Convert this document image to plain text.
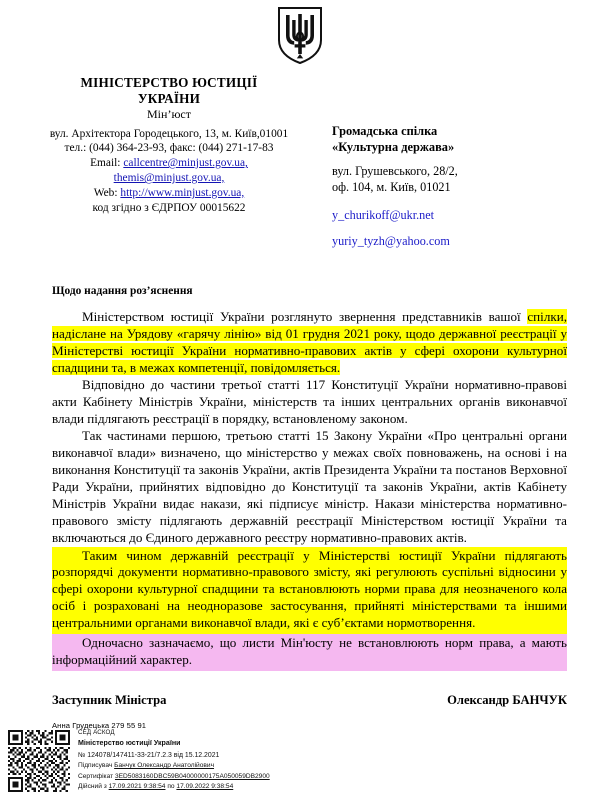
МІНІСТЕРСТВО ЮСТИЦІЇ
УКРАЇНИ
Мін’юст
вул. Архітектора Городецького, 13, м. Київ,01001
тел.: (044) 364-23-93, факс: (044) 271-17-83
Email: callcentre@minjust.gov.ua,
themis@minjust.gov.ua,
Web: http://www.minjust.gov.ua,
код згідно з ЄДРПОУ 00015622
Громадська спілка
«Культурна держава»
вул. Грушевського, 28/2,
оф. 104, м. Київ, 01021
y_churikoff@ukr.net
yuriy_tyzh@yahoo.com
Щодо надання роз’яснення

Міністерством юстиції України розглянуто звернення представників вашої спілки, надіслане на Урядову «гарячу лінію» від 01 грудня 2021 року, щодо державної реєстрації у Міністерстві юстиції України нормативно-правових актів у сфері охорони культурної спадщини та, в межах компетенції, повідомляється.

Відповідно до частини третьої статті 117 Конституції України нормативно-правові акти Кабінету Міністрів України, міністерств та інших центральних органів виконавчої влади підлягають реєстрації в порядку, встановленому законом.

Так частинами першою, третьою статті 15 Закону України «Про центральні органи виконавчої влади» визначено, що міністерство у межах своїх повноважень, на основі і на виконання Конституції та законів України, актів Президента України та постанов Верховної Ради України, прийнятих відповідно до Конституції та законів України, актів Кабінету Міністрів України видає накази, які підписує міністр. Накази міністерства нормативно-правового змісту підлягають державній реєстрації Міністерством юстиції України та включаються до Єдиного державного реєстру нормативно-правових актів.

Таким чином державній реєстрації у Міністерстві юстиції України підлягають розпорядчі документи нормативно-правового змісту, які регулюють суспільні відносини у сфері охорони культурної спадщини та встановлюють норми права для неозначеного кола осіб і розраховані на неодноразове застосування, прийняті міністерствами та іншими центральними органами виконавчої влади, які є суб’єктами нормотворення.

Одночасно зазначаємо, що листи Мін'юсту не встановлюють норм права, а мають інформаційний характер.

Заступник Міністра	Олександр БАНЧУК
Анна Грудецька 279 55 91
СЕД АСКОД
Міністерство юстиції України
№ 124078/147411-33-21/7.2.3 від 15.12.2021
Підписувач Банчук Олександр Анатолійович
Сертифікат 3ED5083160DBC59B04000000175A050059DB2900
Дійсний з 17.09.2021 9:38:54 по 17.09.2022 9:38:54
